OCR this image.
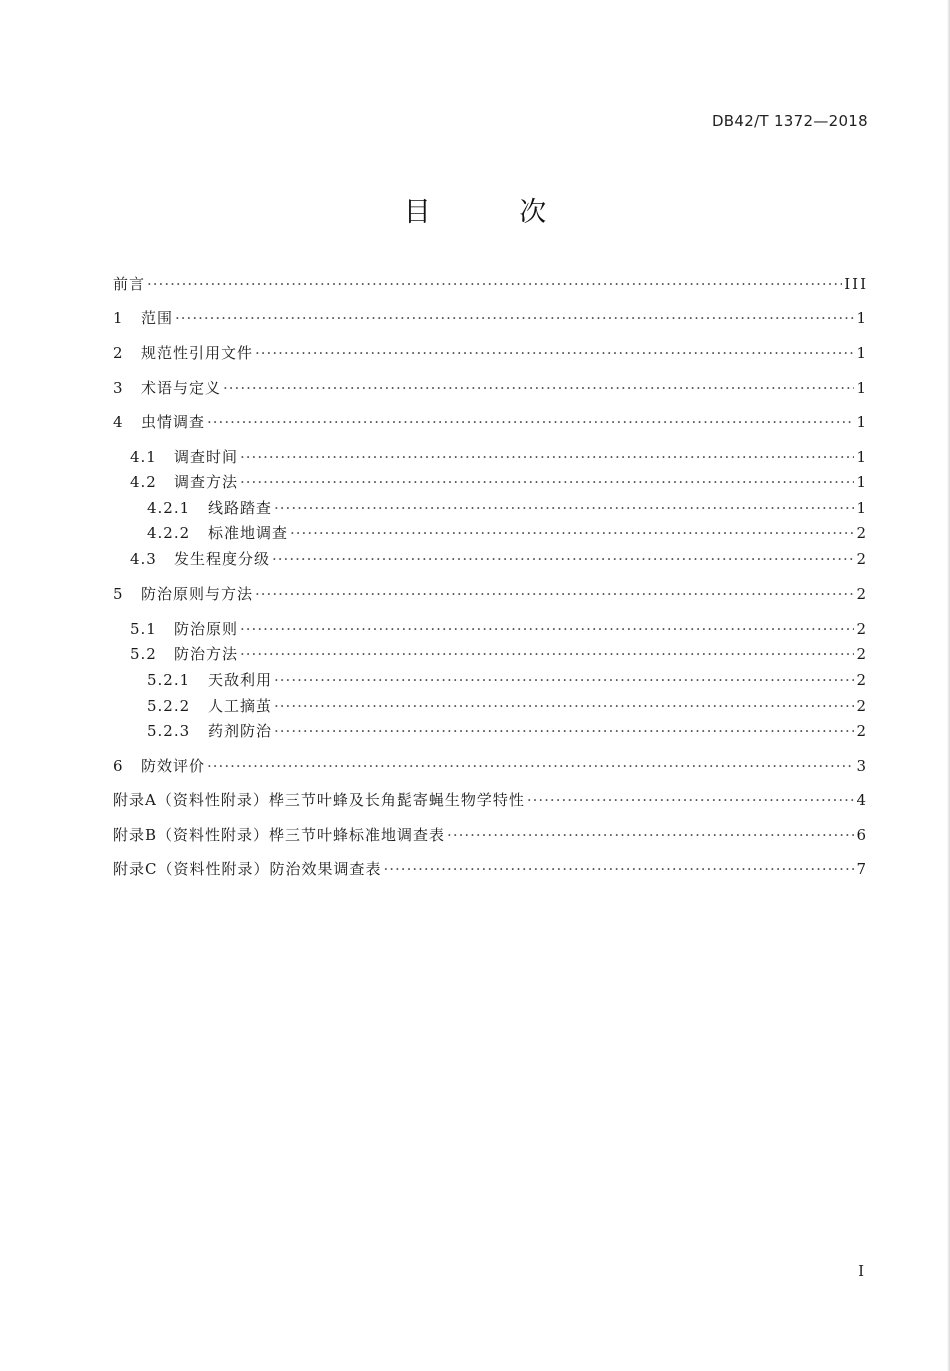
DB42/T 1372—2018
目 次
前言 ·····	III
1	范围 ·····	1
2	规范性引用文件 ·····	1
3	术语与定义 ·····	1
4	虫情调查 ·····	1
4.1	调查时间 ·····	1
4.2	调查方法 ·····	1
4.2.1	线路踏查 ·····	1
4.2.2	标准地调查 ·····	2
4.3	发生程度分级 ·····	2
5	防治原则与方法 ·····	2
5.1	防治原则 ·····	2
5.2	防治方法 ·····	2
5.2.1	天敌利用 ·····	2
5.2.2	人工摘茧 ·····	2
5.2.3	药剂防治 ·····	2
6	防效评价 ·····	3
附录A（资料性附录） 桦三节叶蜂及长角髭寄蝇生物学特性 ·····	4
附录B（资料性附录） 桦三节叶蜂标准地调查表 ·····	6
附录C（资料性附录） 防治效果调查表 ·····	7
I
